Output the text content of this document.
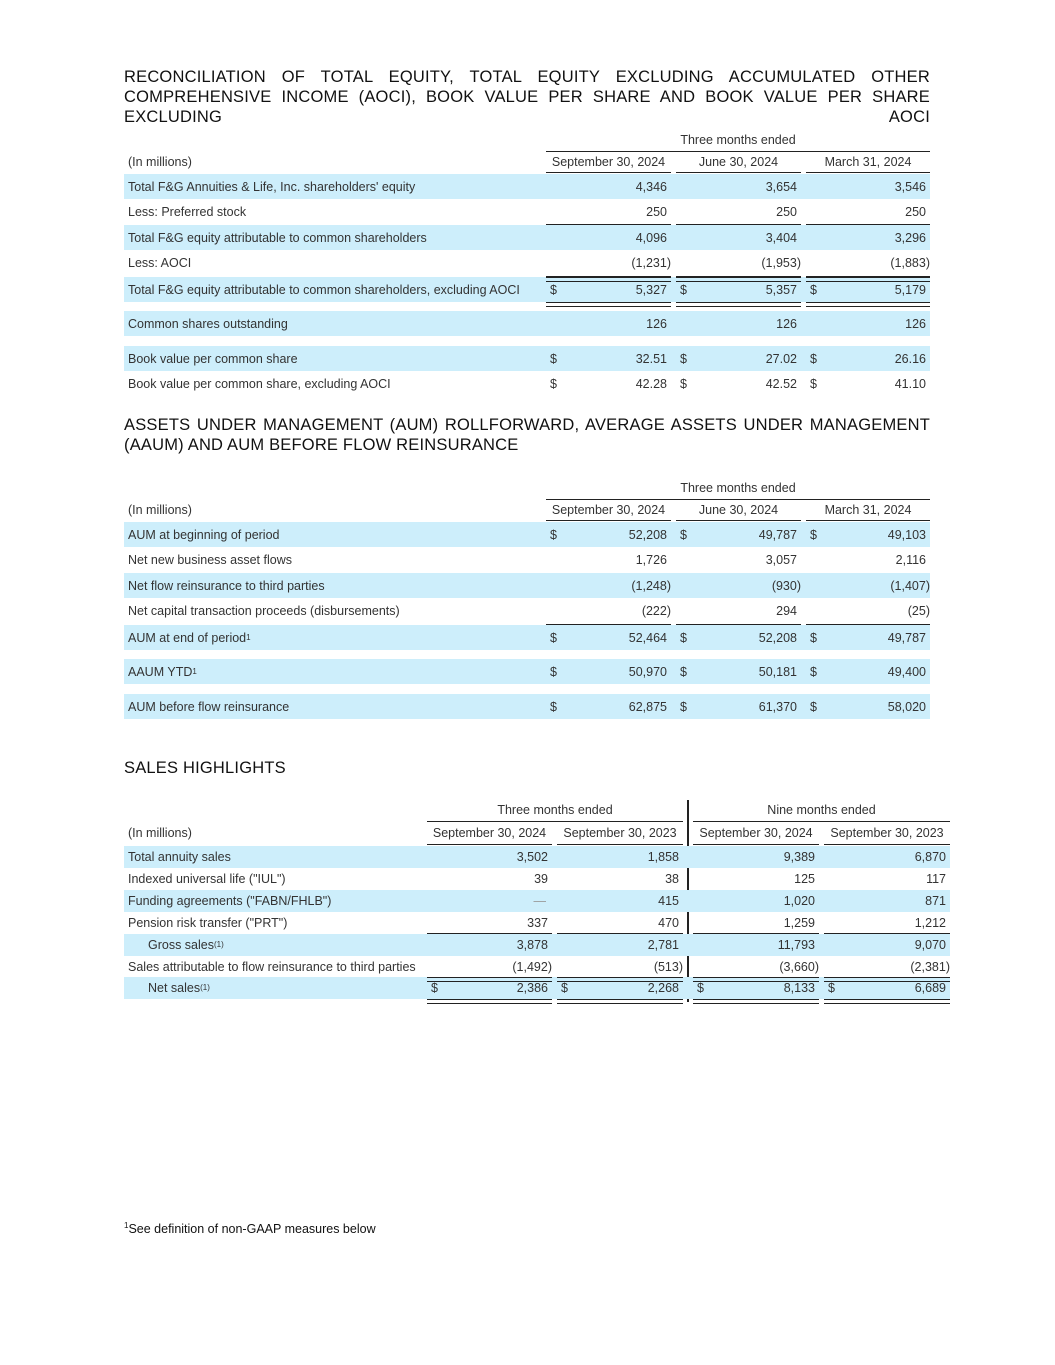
RECONCILIATION OF TOTAL EQUITY, TOTAL EQUITY EXCLUDING ACCUMULATED OTHER COMPREHENSIVE INCOME (AOCI), BOOK VALUE PER SHARE AND BOOK VALUE PER SHARE EXCLUDING AOCI
Three months ended
(In millions)	September 30, 2024	June 30, 2024	March 31, 2024
Total F&G Annuities & Life, Inc. shareholders' equity	4,346	3,654	3,546
Less: Preferred stock	250	250	250
Total F&G equity attributable to common shareholders	4,096	3,404	3,296
Less: AOCI	(1,231)	(1,953)	(1,883)
Total F&G equity attributable to common shareholders, excluding AOCI $	5,327 $	5,357 $	5,179
Common shares outstanding	126	126	126
Book value per common share	$	32.51 $	27.02 $	26.16
Book value per common share, excluding AOCI	$	42.28 $	42.52 $	41.10
ASSETS UNDER MANAGEMENT (AUM) ROLLFORWARD, AVERAGE ASSETS UNDER MANAGEMENT (AAUM) AND AUM BEFORE FLOW REINSURANCE
Three months ended
(In millions)	September 30, 2024	June 30, 2024	March 31, 2024
AUM at beginning of period	$	52,208 $	49,787 $	49,103
Net new business asset flows	1,726	3,057	2,116
Net flow reinsurance to third parties	(1,248)	(930)	(1,407)
Net capital transaction proceeds (disbursements)	(222)	294	(25)
AUM at end of period 1	$	52,464 $	52,208 $	49,787
AAUM YTD 1	$	50,970 $	50,181 $	49,400
AUM before flow reinsurance	$	62,875 $	61,370 $	58,020
SALES HIGHLIGHTS
Three months ended	Nine months ended
(In millions)	September 30, 2024	September 30, 2023	September 30, 2024	September 30, 2023
Total annuity sales	3,502	1,858	9,389	6,870
Indexed universal life ("IUL")	39	38	125	117
Funding agreements ("FABN/FHLB")	—	415	1,020	871
Pension risk transfer ("PRT")	337	470	1,259	1,212
Gross sales (1)	3,878	2,781	11,793	9,070
Sales attributable to flow reinsurance to third parties	(1,492)	(513)	(3,660)	(2,381)
Net sales (1)	$	2,386 $	2,268 $	8,133 $	6,689
$^1$See definition of non-GAAP measures below
